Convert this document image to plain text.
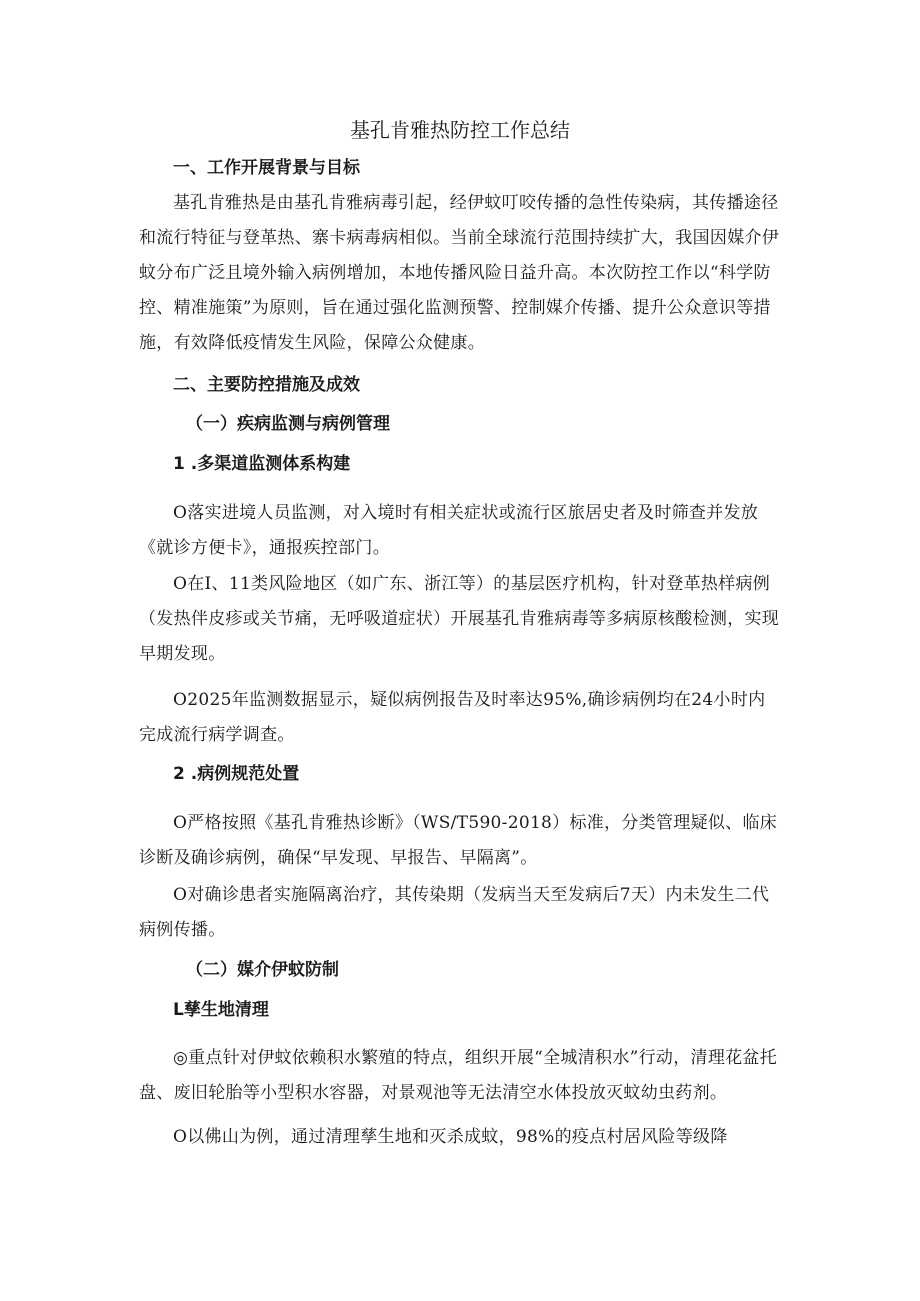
基孔肯雅热防控工作总结
一、工作开展背景与目标

基孔肯雅热是由基孔肯雅病毒引起，经伊蚊叮咬传播的急性传染病，其传播途径和流行特征与登革热、寨卡病毒病相似。当前全球流行范围持续扩大，我国因媒介伊蚊分布广泛且境外输入病例增加，本地传播风险日益升高。本次防控工作以“科学防控、精准施策”为原则，旨在通过强化监测预警、控制媒介传播、提升公众意识等措施，有效降低疫情发生风险，保障公众健康。

二、主要防控措施及成效
（一）疾病监测与病例管理
1 .多渠道监测体系构建

O落实进境人员监测，对入境时有相关症状或流行区旅居史者及时筛查并发放《就诊方便卡》，通报疾控部门。

O在I、11类风险地区（如广东、浙江等）的基层医疗机构，针对登革热样病例（发热伴皮疹或关节痛，无呼吸道症状）开展基孔肯雅病毒等多病原核酸检测，实现早期发现。

O2025年监测数据显示，疑似病例报告及时率达95%,确诊病例均在24小时内完成流行病学调查。

2 .病例规范处置

O严格按照《基孔肯雅热诊断》（WS/T590-2018）标准，分类管理疑似、临床诊断及确诊病例，确保“早发现、早报告、早隔离”。

O对确诊患者实施隔离治疗，其传染期（发病当天至发病后7天）内未发生二代病例传播。

（二）媒介伊蚊防制
L孳生地清理

◎重点针对伊蚊依赖积水繁殖的特点，组织开展“全城清积水”行动，清理花盆托盘、废旧轮胎等小型积水容器，对景观池等无法清空水体投放灭蚊幼虫药剂。

O以佛山为例，通过清理孳生地和灭杀成蚊，98%的疫点村居风险等级降
